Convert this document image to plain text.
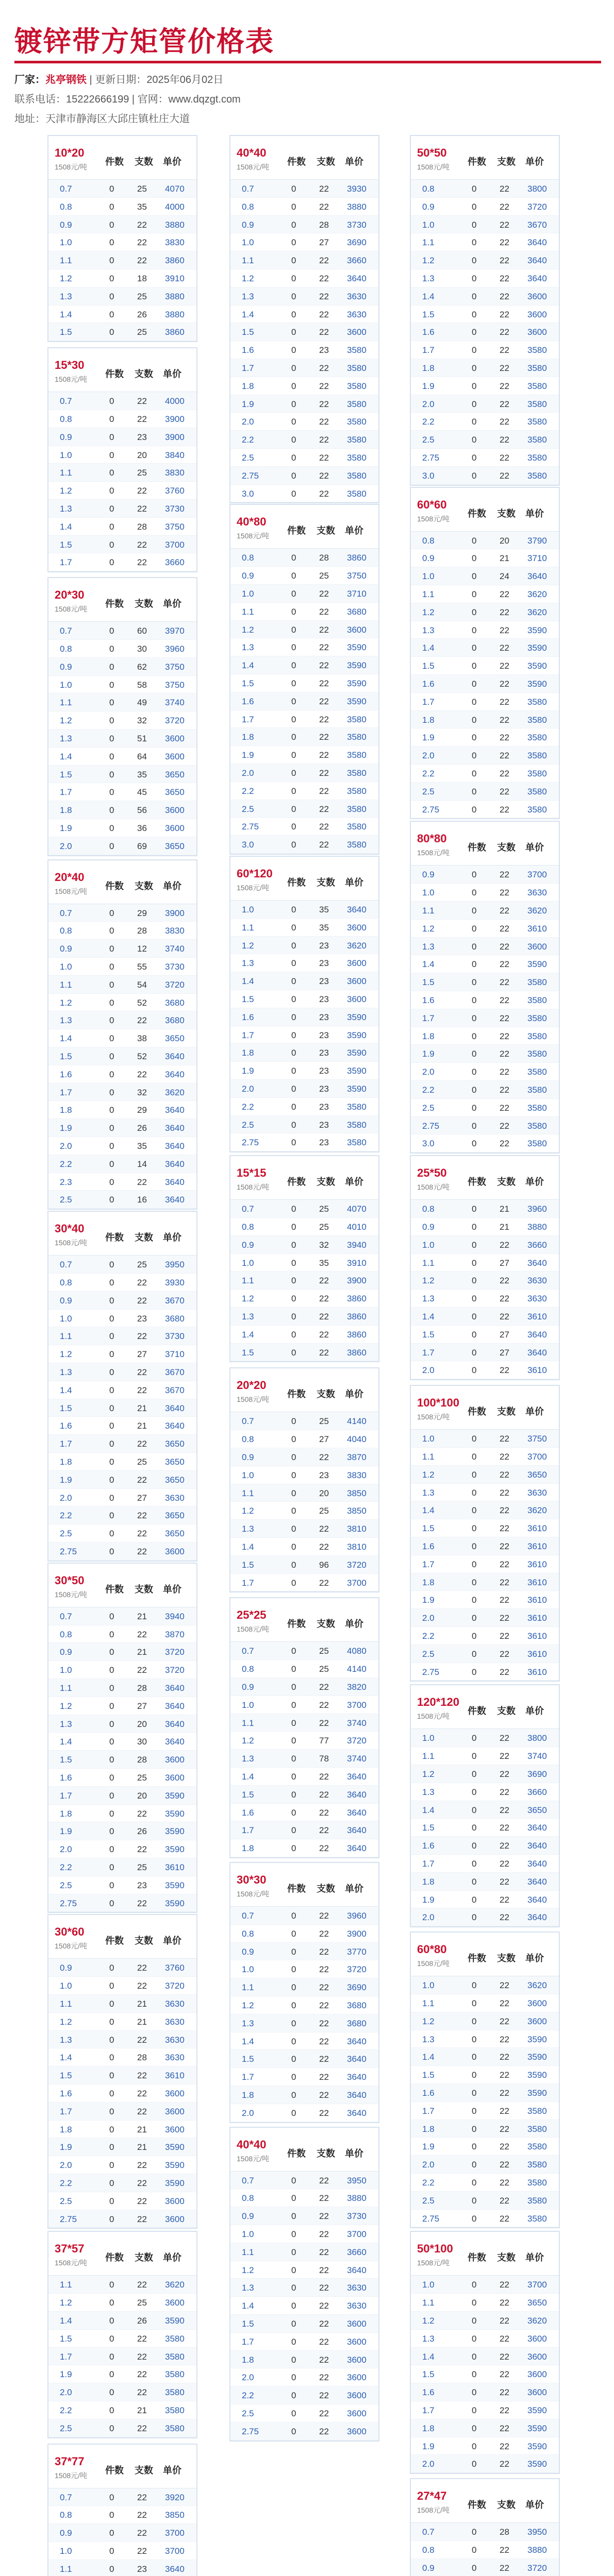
镀锌带方矩管价格表
厂家：兆亭钢铁 | 更新日期：2025年06月02日
联系电话：15222666199 | 官网：www.dqzgt.com
地址：天津市静海区大邱庄镇杜庄大道
10*20
1508元/吨 件数 支数 单价
0.7	0	25 4070
0.8	0	35 4000
0.9	0	22 3880
1.0	0	22 3830
1.1	0	22 3860
1.2	0	18 3910
1.3	0	25 3880
1.4	0	26 3880
1.5	0	25 3860
15*30
1508元/吨 件数 支数 单价
0.7	0	22 4000
0.8	0	22 3900
0.9	0	23 3900
1.0	0	20 3840
1.1	0	25 3830
1.2	0	22 3760
1.3	0	22 3730
1.4	0	28 3750
1.5	0	22 3700
1.7	0	22 3660
20*30
1508元/吨 件数 支数 单价
0.7	0	60 3970
0.8	0	30 3960
0.9	0	62 3750
1.0	0	58 3750
1.1	0	49 3740
1.2	0	32 3720
1.3	0	51 3600
1.4	0	64 3600
1.5	0	35 3650
1.7	0	45 3650
1.8	0	56 3600
1.9	0	36 3600
2.0	0	69 3650
20*40
1508元/吨 件数 支数 单价
0.7	0	29 3900
0.8	0	28 3830
0.9	0	12 3740
1.0	0	55 3730
1.1	0	54 3720
1.2	0	52 3680
1.3	0	22 3680
1.4	0	38 3650
1.5	0	52 3640
1.6	0	22 3640
1.7	0	32 3620
1.8	0	29 3640
1.9	0	26 3640
2.0	0	35 3640
2.2	0	14 3640
2.3	0	22 3640
2.5	0	16 3640
30*40
1508元/吨 件数 支数 单价
0.7	0	25 3950
0.8	0	22 3930
0.9	0	22 3670
1.0	0	23 3680
1.1	0	22 3730
1.2	0	27 3710
1.3	0	22 3670
1.4	0	22 3670
1.5	0	21 3640
1.6	0	21 3640
1.7	0	22 3650
1.8	0	25 3650
1.9	0	22 3650
2.0	0	27 3630
2.2	0	22 3650
2.5	0	22 3650
2.75	0	22 3600
30*50
1508元/吨 件数 支数 单价
0.7	0	21 3940
0.8	0	22 3870
0.9	0	21 3720
1.0	0	22 3720
1.1	0	28 3640
1.2	0	27 3640
1.3	0	20 3640
1.4	0	30 3640
1.5	0	28 3600
1.6	0	25 3600
1.7	0	20 3590
1.8	0	22 3590
1.9	0	26 3590
2.0	0	22 3590
2.2	0	25 3610
2.5	0	23 3590
2.75	0	22 3590
30*60
1508元/吨 件数 支数 单价
0.9	0	22 3760
1.0	0	22 3720
1.1	0	21 3630
1.2	0	21 3630
1.3	0	22 3630
1.4	0	28 3630
1.5	0	22 3610
1.6	0	22 3600
1.7	0	22 3600
1.8	0	21 3600
1.9	0	21 3590
2.0	0	22 3590
2.2	0	22 3590
2.5	0	22 3600
2.75	0	22 3600
37*57
1508元/吨 件数 支数 单价
1.1	0	22 3620
1.2	0	25 3600
1.4	0	26 3590
1.5	0	22 3580
1.7	0	22 3580
1.9	0	22 3580
2.0	0	22 3580
2.2	0	21 3580
2.5	0	22 3580
37*77
1508元/吨 件数 支数 单价
0.7	0	22 3920
0.8	0	22 3850
0.9	0	22 3700
1.0	0	22 3700
1.1	0	23 3640
40*40
1508元/吨 件数 支数 单价
0.7	0	22 3930
0.8	0	22 3880
0.9	0	28 3730
1.0	0	27 3690
1.1	0	22 3660
1.2	0	22 3640
1.3	0	22 3630
1.4	0	22 3630
1.5	0	22 3600
1.6	0	23 3580
1.7	0	22 3580
1.8	0	22 3580
1.9	0	22 3580
2.0	0	22 3580
2.2	0	22 3580
2.5	0	22 3580
2.75	0	22 3580
3.0	0	22 3580
40*80
1508元/吨 件数 支数 单价
0.8	0	28 3860
0.9	0	25 3750
1.0	0	22 3710
1.1	0	22 3680
1.2	0	22 3600
1.3	0	22 3590
1.4	0	22 3590
1.5	0	22 3590
1.6	0	22 3590
1.7	0	22 3580
1.8	0	22 3580
1.9	0	22 3580
2.0	0	22 3580
2.2	0	22 3580
2.5	0	22 3580
2.75	0	22 3580
3.0	0	22 3580
60*120
1508元/吨 件数 支数 单价
1.0	0	35 3640
1.1	0	35 3600
1.2	0	23 3620
1.3	0	23 3600
1.4	0	23 3600
1.5	0	23 3600
1.6	0	23 3590
1.7	0	23 3590
1.8	0	23 3590
1.9	0	23 3590
2.0	0	23 3590
2.2	0	23 3580
2.5	0	23 3580
2.75	0	23 3580
15*15
1508元/吨 件数 支数 单价
0.7	0	25 4070
0.8	0	25 4010
0.9	0	32 3940
1.0	0	35 3910
1.1	0	22 3900
1.2	0	22 3860
1.3	0	22 3860
1.4	0	22 3860
1.5	0	22 3860
20*20
1508元/吨 件数 支数 单价
0.7	0	25 4140
0.8	0	27 4040
0.9	0	22 3870
1.0	0	23 3830
1.1	0	20 3850
1.2	0	25 3850
1.3	0	22 3810
1.4	0	22 3810
1.5	0	96 3720
1.7	0	22 3700
25*25
1508元/吨 件数 支数 单价
0.7	0	25 4080
0.8	0	25 4140
0.9	0	22 3820
1.0	0	22 3700
1.1	0	22 3740
1.2	0	77 3720
1.3	0	78 3740
1.4	0	22 3640
1.5	0	22 3640
1.6	0	22 3640
1.7	0	22 3640
1.8	0	22 3640
30*30
1508元/吨 件数 支数 单价
0.7	0	22 3960
0.8	0	22 3900
0.9	0	22 3770
1.0	0	22 3720
1.1	0	22 3690
1.2	0	22 3680
1.3	0	22 3680
1.4	0	22 3640
1.5	0	22 3640
1.7	0	22 3640
1.8	0	22 3640
2.0	0	22 3640
40*40
1508元/吨 件数 支数 单价
0.7	0	22 3950
0.8	0	22 3880
0.9	0	22 3730
1.0	0	22 3700
1.1	0	22 3660
1.2	0	22 3640
1.3	0	22 3630
1.4	0	22 3630
1.5	0	22 3600
1.7	0	22 3600
1.8	0	22 3600
2.0	0	22 3600
2.2	0	22 3600
2.5	0	22 3600
2.75	0	22 3600
50*50
1508元/吨 件数 支数 单价
0.8	0	22 3800
0.9	0	22 3720
1.0	0	22 3670
1.1	0	22 3640
1.2	0	22 3640
1.3	0	22 3640
1.4	0	22 3600
1.5	0	22 3600
1.6	0	22 3600
1.7	0	22 3580
1.8	0	22 3580
1.9	0	22 3580
2.0	0	22 3580
2.2	0	22 3580
2.5	0	22 3580
2.75	0	22 3580
3.0	0	22 3580
60*60
1508元/吨 件数 支数 单价
0.8	0	20 3790
0.9	0	21 3710
1.0	0	24 3640
1.1	0	22 3620
1.2	0	22 3620
1.3	0	22 3590
1.4	0	22 3590
1.5	0	22 3590
1.6	0	22 3590
1.7	0	22 3580
1.8	0	22 3580
1.9	0	22 3580
2.0	0	22 3580
2.2	0	22 3580
2.5	0	22 3580
2.75	0	22 3580
80*80
1508元/吨 件数 支数 单价
0.9	0	22 3700
1.0	0	22 3630
1.1	0	22 3620
1.2	0	22 3610
1.3	0	22 3600
1.4	0	22 3590
1.5	0	22 3580
1.6	0	22 3580
1.7	0	22 3580
1.8	0	22 3580
1.9	0	22 3580
2.0	0	22 3580
2.2	0	22 3580
2.5	0	22 3580
2.75	0	22 3580
3.0	0	22 3580
25*50
1508元/吨 件数 支数 单价
0.8	0	21 3960
0.9	0	21 3880
1.0	0	22 3660
1.1	0	27 3640
1.2	0	22 3630
1.3	0	22 3630
1.4	0	22 3610
1.5	0	27 3640
1.7	0	27 3640
2.0	0	22 3610
100*100
1508元/吨 件数 支数 单价
1.0	0	22 3750
1.1	0	22 3700
1.2	0	22 3650
1.3	0	22 3630
1.4	0	22 3620
1.5	0	22 3610
1.6	0	22 3610
1.7	0	22 3610
1.8	0	22 3610
1.9	0	22 3610
2.0	0	22 3610
2.2	0	22 3610
2.5	0	22 3610
2.75	0	22 3610
120*120
1508元/吨 件数 支数 单价
1.0	0	22 3800
1.1	0	22 3740
1.2	0	22 3690
1.3	0	22 3660
1.4	0	22 3650
1.5	0	22 3640
1.6	0	22 3640
1.7	0	22 3640
1.8	0	22 3640
1.9	0	22 3640
2.0	0	22 3640
60*80
1508元/吨 件数 支数 单价
1.0	0	22 3620
1.1	0	22 3600
1.2	0	22 3600
1.3	0	22 3590
1.4	0	22 3590
1.5	0	22 3590
1.6	0	22 3590
1.7	0	22 3580
1.8	0	22 3580
1.9	0	22 3580
2.0	0	22 3580
2.2	0	22 3580
2.5	0	22 3580
2.75	0	22 3580
50*100
1508元/吨 件数 支数 单价
1.0	0	22 3700
1.1	0	22 3650
1.2	0	22 3620
1.3	0	22 3600
1.4	0	22 3600
1.5	0	22 3600
1.6	0	22 3600
1.7	0	22 3590
1.8	0	22 3590
1.9	0	22 3590
2.0	0	22 3590
27*47
1508元/吨 件数 支数 单价
0.7	0	28 3950
0.8	0	22 3880
0.9	0	22 3720
